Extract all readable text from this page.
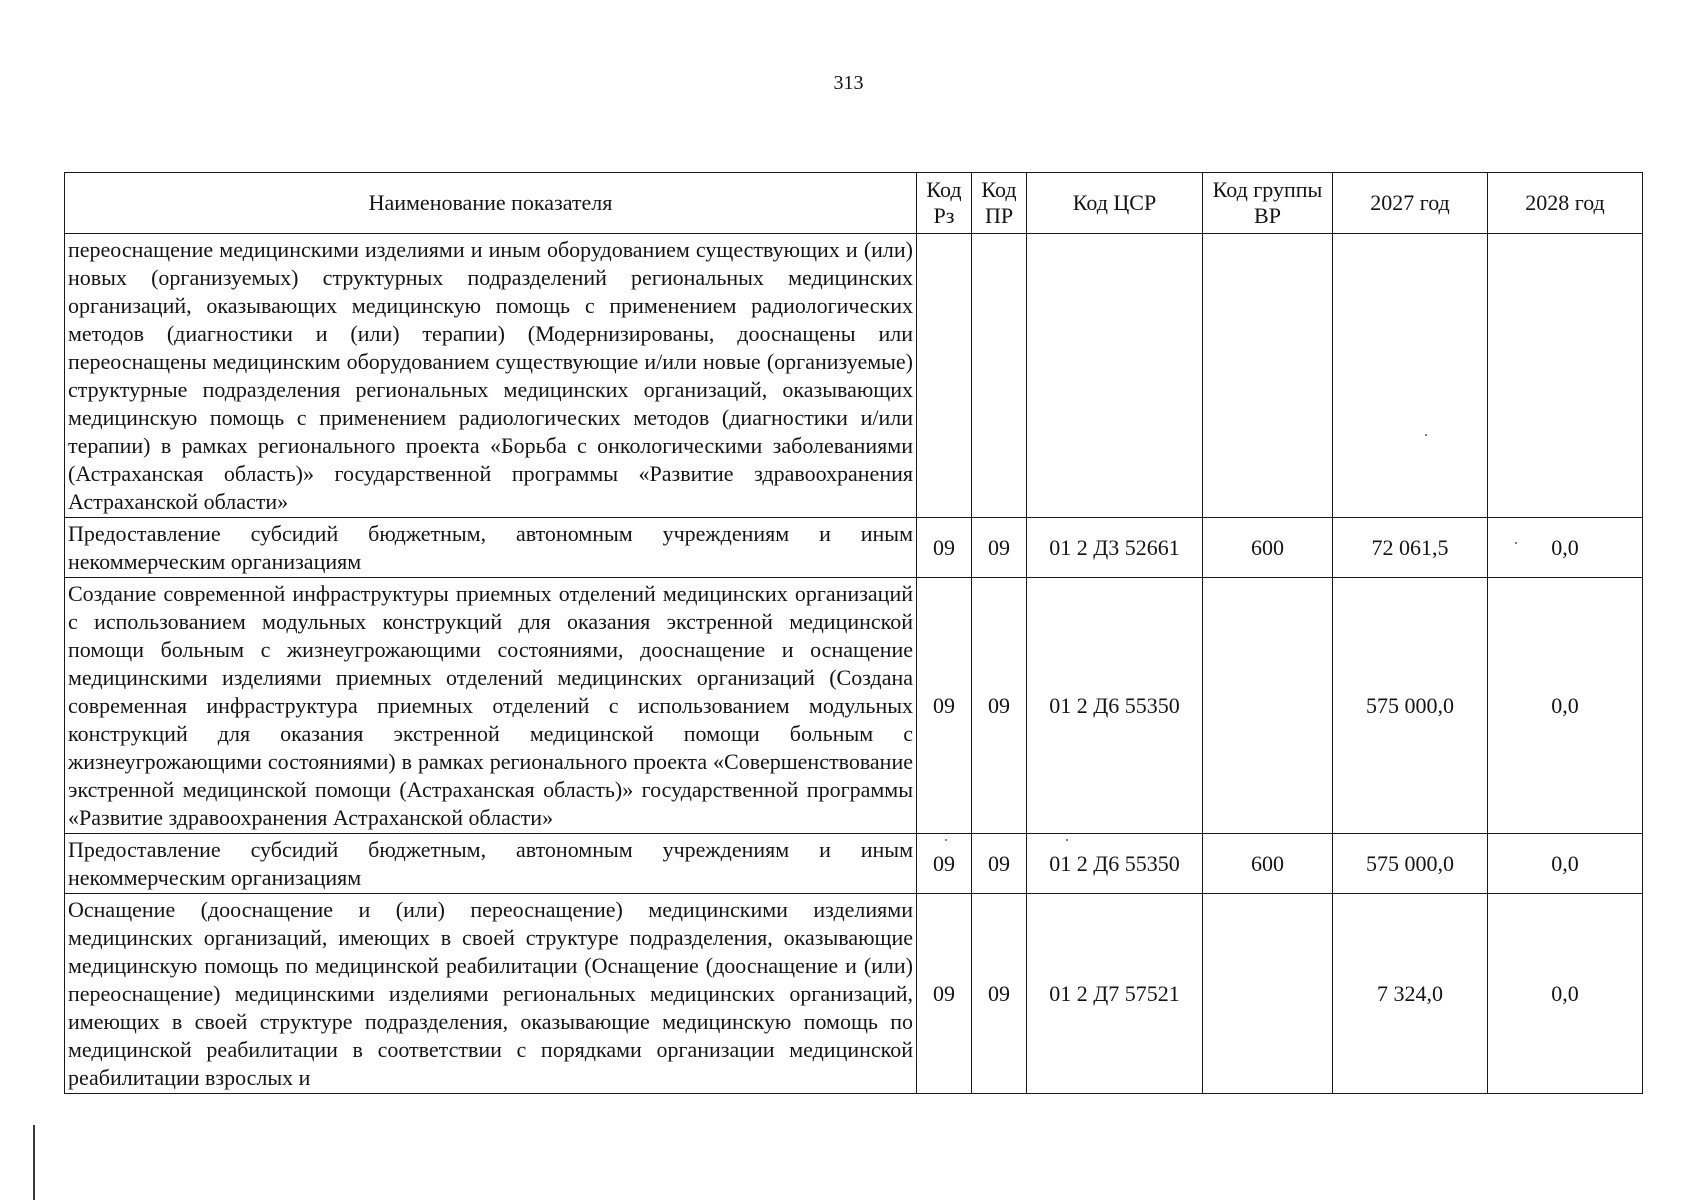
313
Наименование показателя	Код Рз	Код ПР	Код ЦСР	Код группы ВР	2027 год	2028 год
переоснащение медицинскими изделиями и иным оборудованием существующих и (или) новых (организуемых) структурных подразделений региональных медицинских организаций, оказывающих медицинскую помощь с применением радиологических методов (диагностики и (или) терапии) (Модернизированы, дооснащены или переоснащены медицинским оборудованием существующие и/или новые (организуемые) структурные подразделения региональных медицинских организаций, оказывающих медицинскую помощь с применением радиологических методов (диагностики и/или терапии) в рамках регионального проекта «Борьба с онкологическими заболеваниями (Астраханская область)» государственной программы «Развитие здравоохранения Астраханской области»						
Предоставление субсидий бюджетным, автономным учреждениям и иным некоммерческим организациям	09	09	01 2 Д3 52661	600	72 061,5	0,0
Создание современной инфраструктуры приемных отделений медицинских организаций с использованием модульных конструкций для оказания экстренной медицинской помощи больным с жизнеугрожающими состояниями, дооснащение и оснащение медицинскими изделиями приемных отделений медицинских организаций (Создана современная инфраструктура приемных отделений с использованием модульных конструкций для оказания экстренной медицинской помощи больным с жизнеугрожающими состояниями) в рамках регионального проекта «Совершенствование экстренной медицинской помощи (Астраханская область)» государственной программы «Развитие здравоохранения Астраханской области»	09	09	01 2 Д6 55350		575 000,0	0,0
Предоставление субсидий бюджетным, автономным учреждениям и иным некоммерческим организациям	09	09	01 2 Д6 55350	600	575 000,0	0,0
Оснащение (дооснащение и (или) переоснащение) медицинскими изделиями медицинских организаций, имеющих в своей структуре подразделения, оказывающие медицинскую помощь по медицинской реабилитации (Оснащение (дооснащение и (или) переоснащение) медицинскими изделиями региональных медицинских организаций, имеющих в своей структуре подразделения, оказывающие медицинскую помощь по медицинской реабилитации в соответствии с порядками организации медицинской реабилитации взрослых и	09	09	01 2 Д7 57521		7 324,0	0,0
